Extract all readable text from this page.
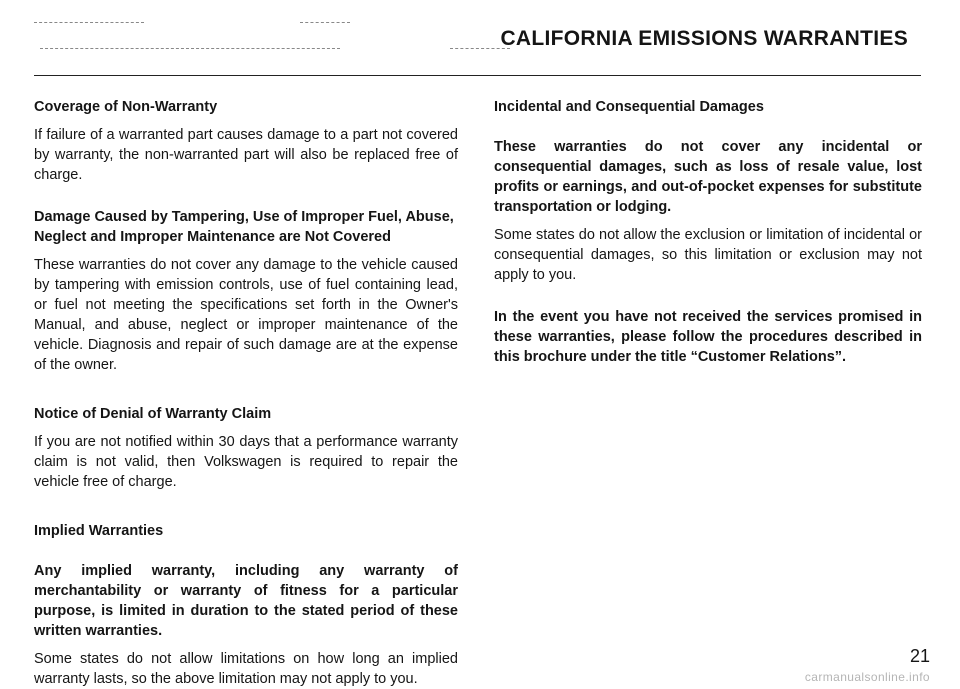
CALIFORNIA EMISSIONS WARRANTIES
Coverage of Non-Warranty

If failure of a warranted part causes damage to a part not covered by warranty, the non-warranted part will also be replaced free of charge.

Damage Caused by Tampering, Use of Improper Fuel, Abuse, Neglect and Improper Maintenance are Not Covered

These warranties do not cover any damage to the vehicle caused by tampering with emission controls, use of fuel containing lead, or fuel not meeting the specifications set forth in the Owner's Manual, and abuse, neglect or improper maintenance of the vehicle. Diagnosis and repair of such damage are at the expense of the owner.

Notice of Denial of Warranty Claim

If you are not notified within 30 days that a performance warranty claim is not valid, then Volkswagen is required to repair the vehicle free of charge.

Implied Warranties

Any implied warranty, including any warranty of merchantability or warranty of fitness for a particular purpose, is limited in duration to the stated period of these written warranties.

Some states do not allow limitations on how long an implied warranty lasts, so the above limitation may not apply to you.

Incidental and Consequential Damages

These warranties do not cover any incidental or consequential damages, such as loss of resale value, lost profits or earnings, and out-of-pocket expenses for substitute transportation or lodging.

Some states do not allow the exclusion or limitation of incidental or consequential damages, so this limitation or exclusion may not apply to you.

In the event you have not received the services promised in these warranties, please follow the procedures described in this brochure under the title “Customer Relations”.

21
carmanualsonline.info
